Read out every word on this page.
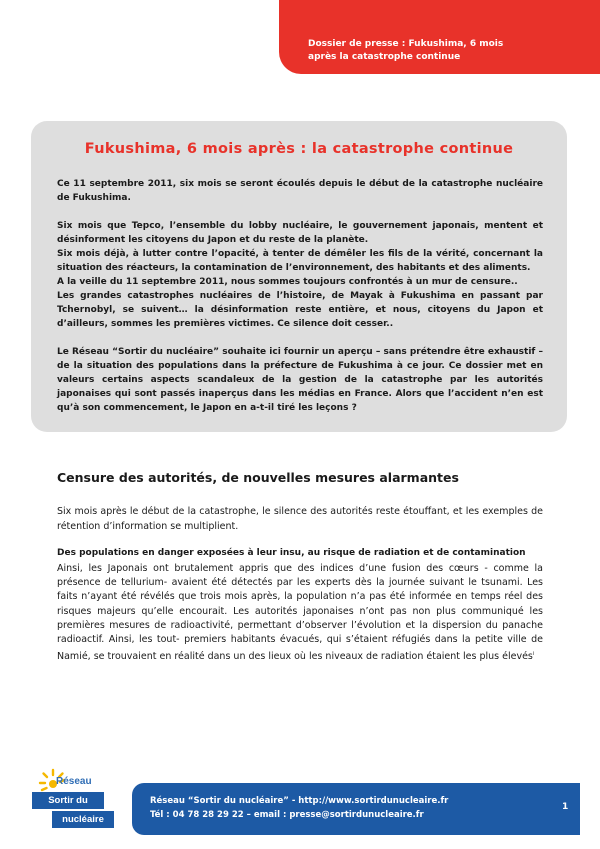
Dossier de presse : Fukushima, 6 mois
après la catastrophe continue
Fukushima, 6 mois après : la catastrophe continue

Ce 11 septembre 2011, six mois se seront écoulés depuis le début de la catastrophe nucléaire de Fukushima.

Six mois que Tepco, l’ensemble du lobby nucléaire, le gouvernement japonais, mentent et désinforment les citoyens du Japon et du reste de la planète.

Six mois déjà, à lutter contre l’opacité, à tenter de démêler les fils de la vérité, concernant la situation des réacteurs, la contamination de l’environnement, des habitants et des aliments.

A la veille du 11 septembre 2011, nous sommes toujours confrontés à un mur de censure..

Les grandes catastrophes nucléaires de l’histoire, de Mayak à Fukushima en passant par Tchernobyl, se suivent… la désinformation reste entière, et nous, citoyens du Japon et d’ailleurs, sommes les premières victimes. Ce silence doit cesser..

Le Réseau “Sortir du nucléaire” souhaite ici fournir un aperçu – sans prétendre être exhaustif – de la situation des populations dans la préfecture de Fukushima à ce jour. Ce dossier met en valeurs certains aspects scandaleux de la gestion de la catastrophe par les autorités japonaises qui sont passés inaperçus dans les médias en France. Alors que l’accident n’en est qu’à son commencement, le Japon en a-t-il tiré les leçons ?

Censure des autorités, de nouvelles mesures alarmantes

Six mois après le début de la catastrophe, le silence des autorités reste étouffant, et les exemples de rétention d’information se multiplient.

Des populations en danger exposées à leur insu, au risque de radiation et de contamination

Ainsi, les Japonais ont brutalement appris que des indices d’une fusion des cœurs - comme la présence de tellurium- avaient été détectés par les experts dès la journée suivant le tsunami. Les faits n’ayant été révélés que trois mois après, la population n’a pas été informée en temps réel des risques majeurs qu’elle encourait. Les autorités japonaises n’ont pas non plus communiqué les premières mesures de radioactivité, permettant d’observer l’évolution et la dispersion du panache radioactif. Ainsi, les tout- premiers habitants évacués, qui s’étaient réfugiés dans la petite ville de Namié, se trouvaient en réalité dans un des lieux où les niveaux de radiation étaient les plus élevés$^i$

Réseau
Sortir du
nucléaire
Réseau “Sortir du nucléaire” - http://www.sortirdunucleaire.fr
Tél : 04 78 28 29 22 – email : presse@sortirdunucleaire.fr
1
